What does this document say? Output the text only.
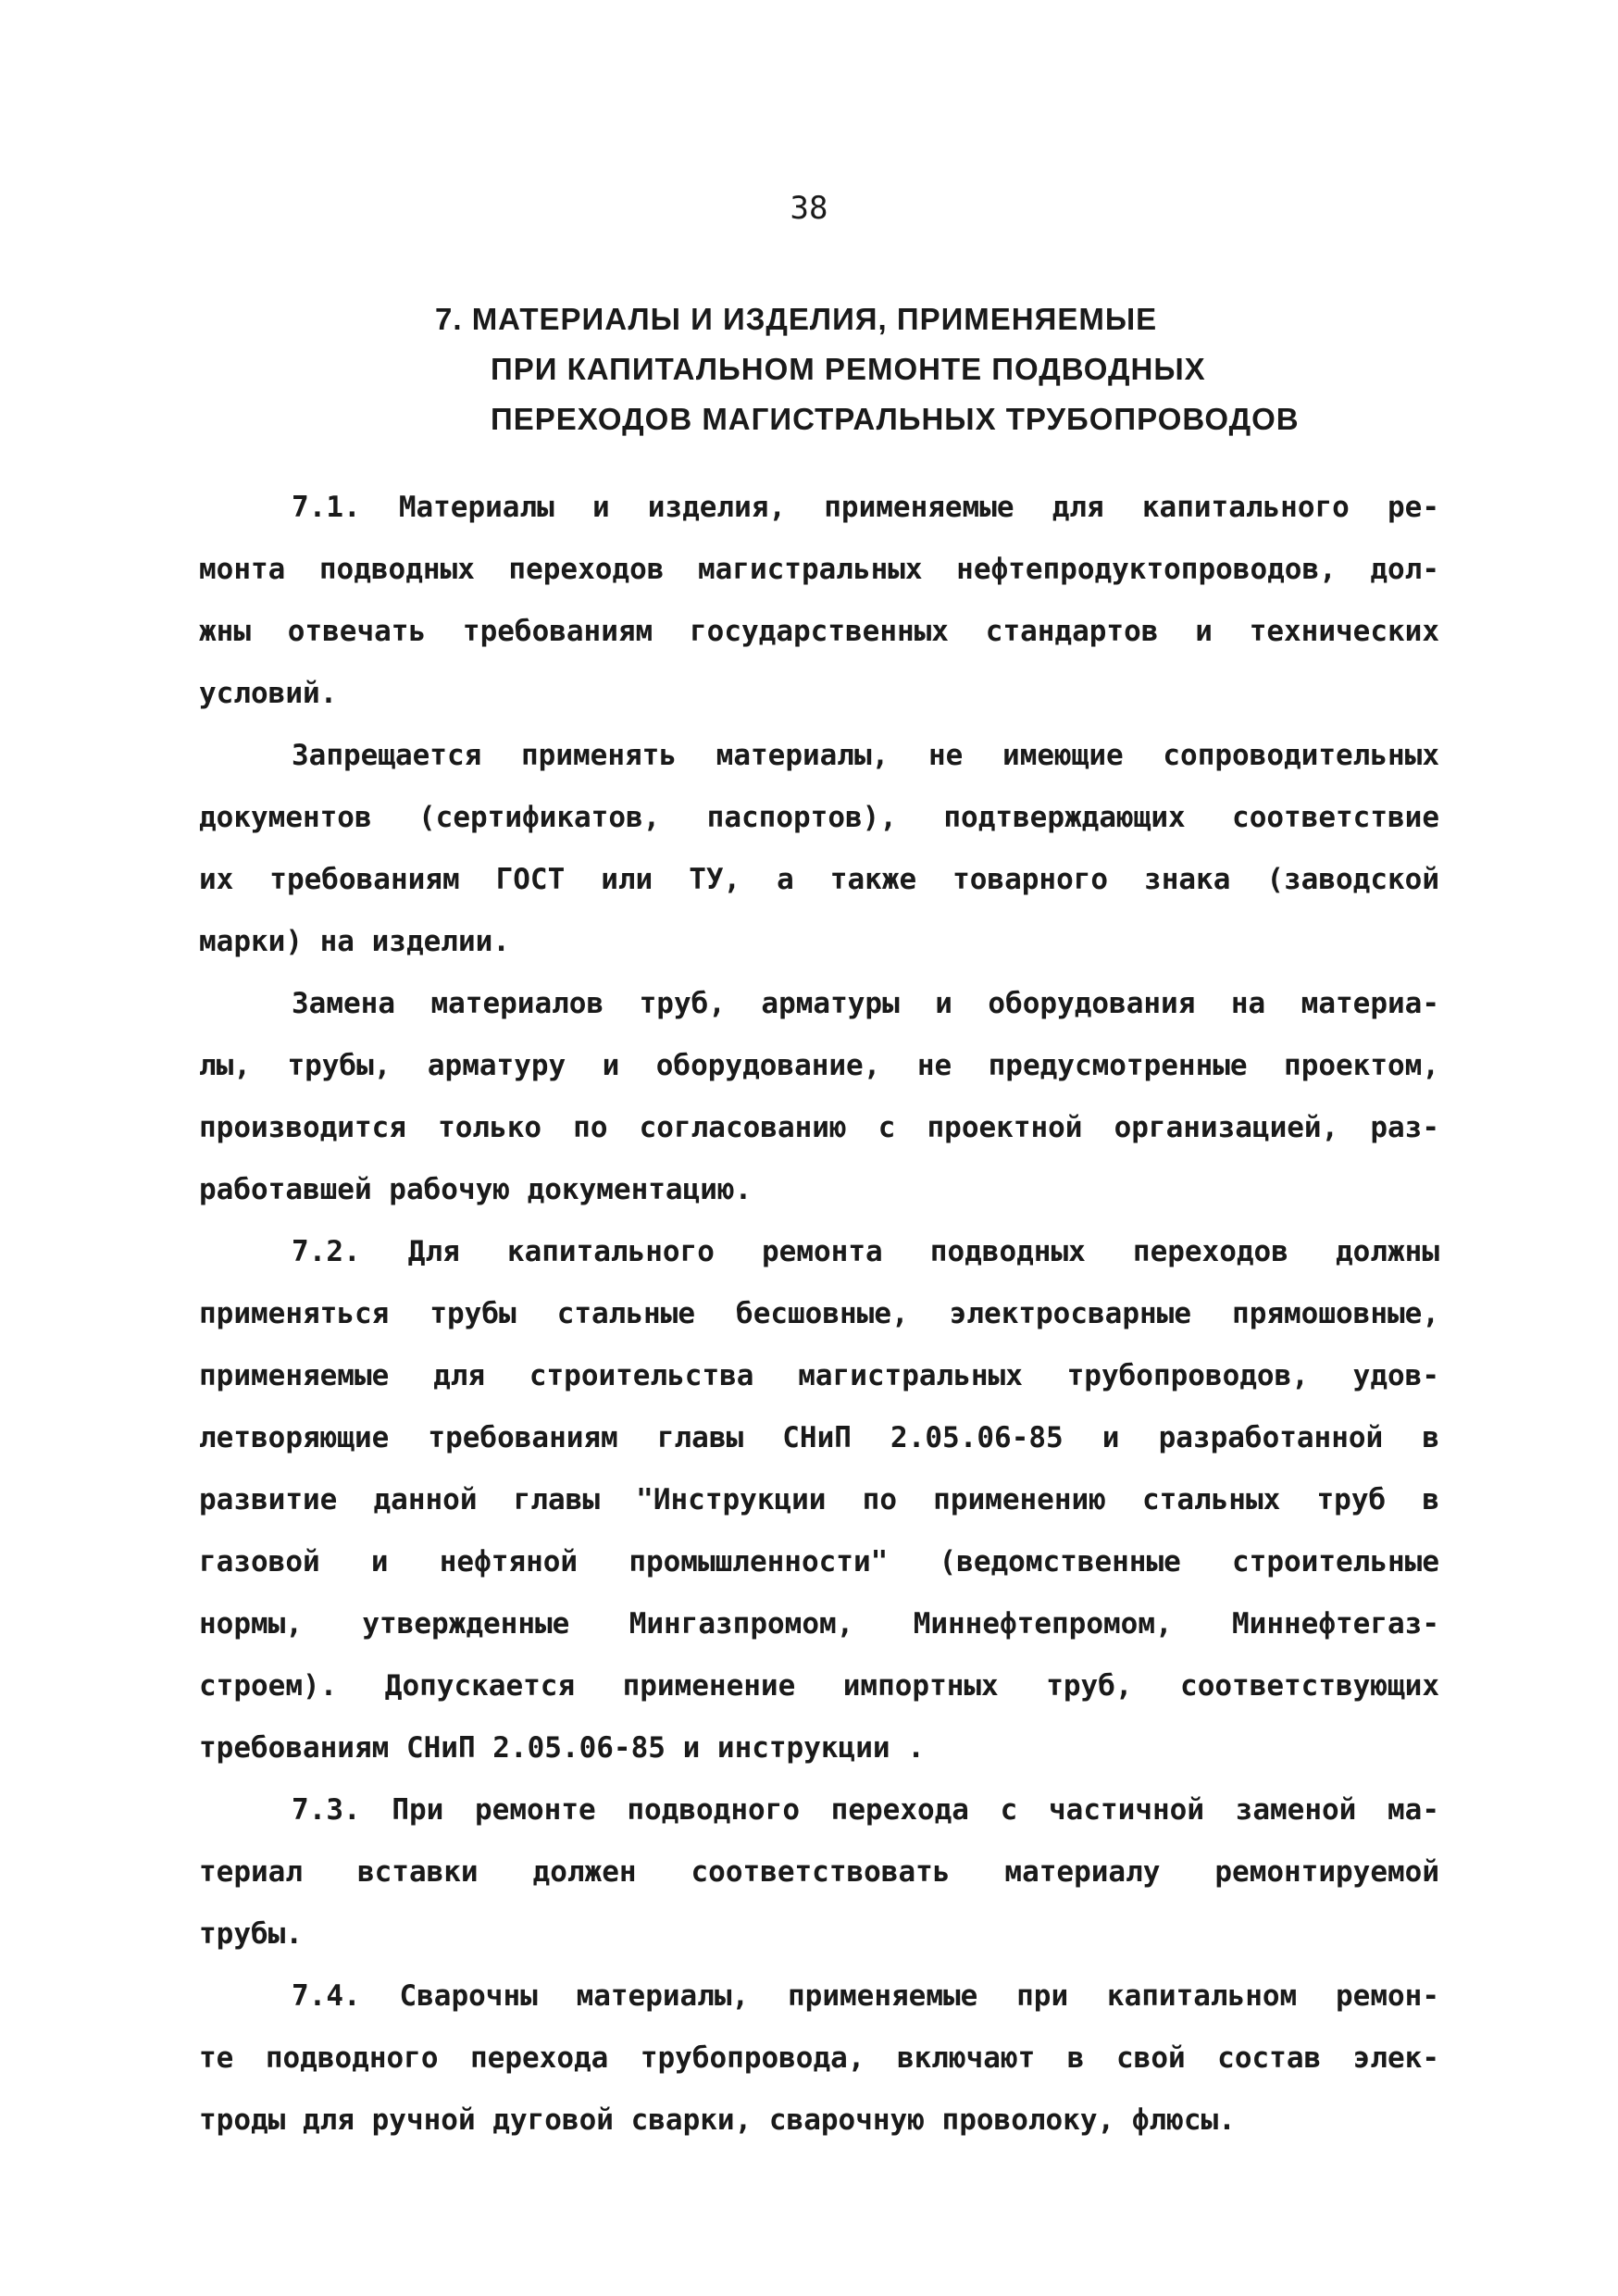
38
7. МАТЕРИАЛЫ И ИЗДЕЛИЯ, ПРИМЕНЯЕМЫЕ
ПРИ КАПИТАЛЬНОМ РЕМОНТЕ ПОДВОДНЫХ
ПЕРЕХОДОВ МАГИСТРАЛЬНЫХ ТРУБОПРОВОДОВ
7.1. Материалы и изделия, применяемые для капитального ре-
монта подводных переходов магистральных нефтепродуктопроводов, дол-
жны отвечать требованиям государственных стандартов и технических
условий.
Запрещается применять материалы, не имеющие сопроводительных
документов (сертификатов, паспортов), подтверждающих соответствие
их требованиям ГОСТ или ТУ, а также товарного знака (заводской
марки) на изделии.
Замена материалов труб, арматуры и оборудования на материа-
лы, трубы, арматуру и оборудование, не предусмотренные проектом,
производится только по согласованию с проектной организацией, раз-
работавшей рабочую документацию.
7.2. Для капитального ремонта подводных переходов должны
применяться трубы стальные бесшовные, электросварные прямошовные,
применяемые для строительства магистральных трубопроводов, удов-
летворяющие требованиям главы СНиП 2.05.06-85 и разработанной в
развитие данной главы "Инструкции по применению стальных труб в
газовой и нефтяной промышленности" (ведомственные строительные
нормы, утвержденные Мингазпромом, Миннефтепромом, Миннефтегаз-
строем). Допускается применение импортных труб, соответствующих
требованиям СНиП 2.05.06-85 и инструкции .
7.3. При ремонте подводного перехода с частичной заменой ма-
териал вставки должен соответствовать материалу ремонтируемой
трубы.
7.4. Сварочны материалы, применяемые при капитальном ремон-
те подводного перехода трубопровода, включают в свой состав элек-
троды для ручной дуговой сварки, сварочную проволоку, флюсы.
